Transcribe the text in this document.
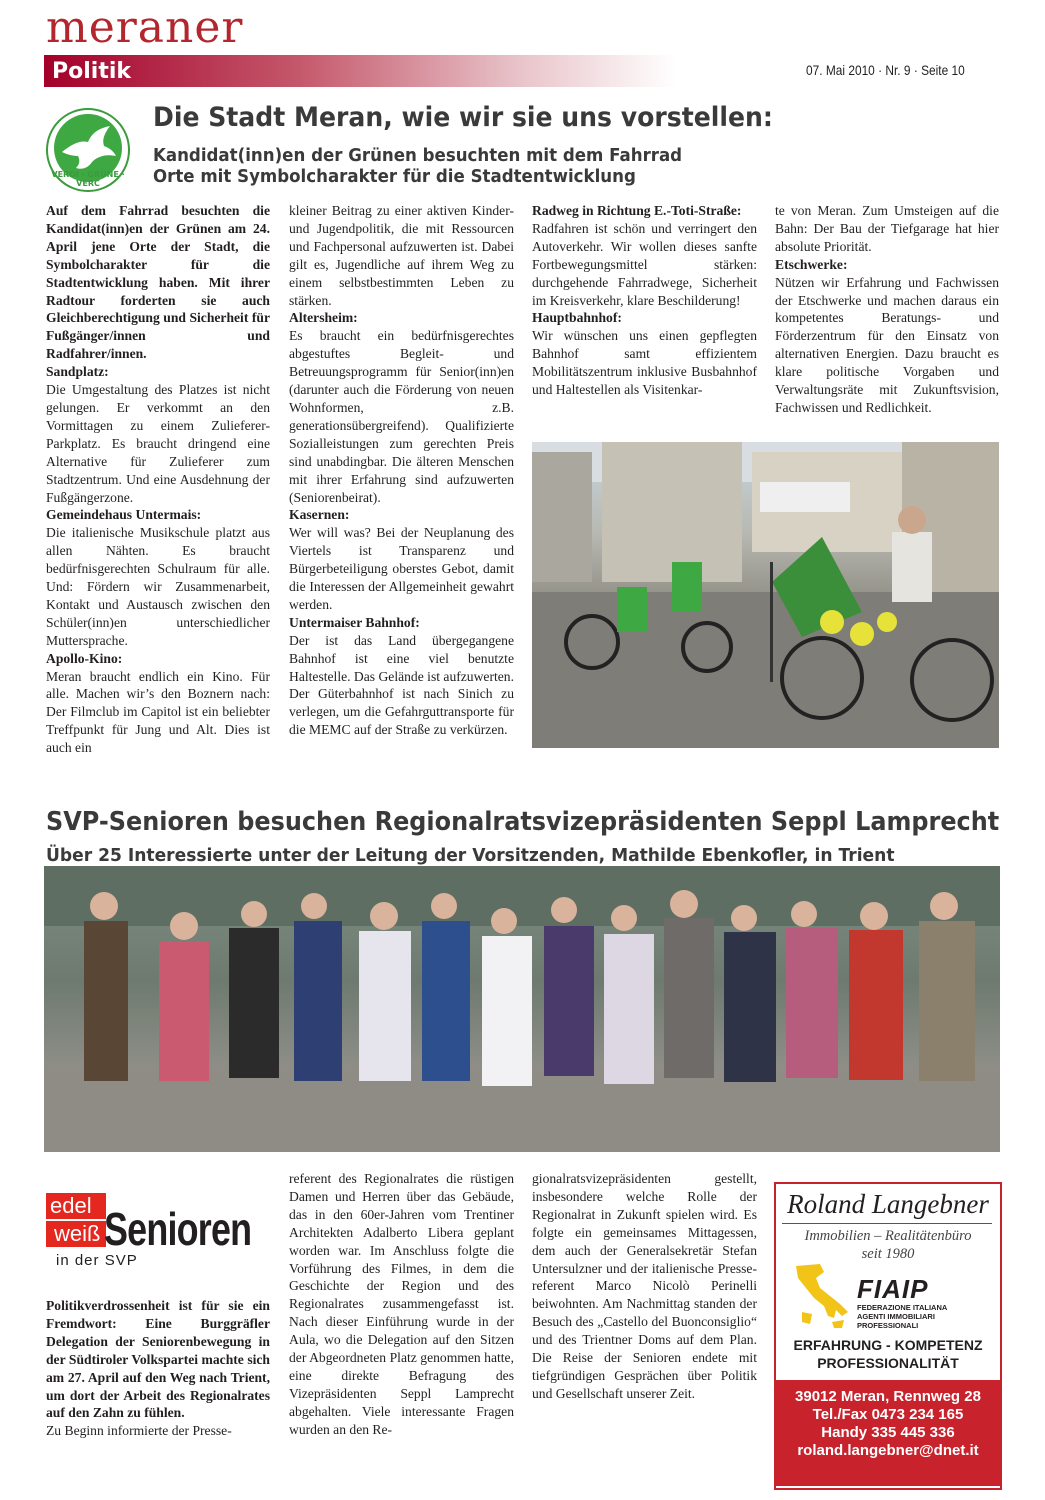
meraner
Politik	07. Mai 2010 · Nr. 9 · Seite 10
VERDI · GRÜNE · VERC
Die Stadt Meran, wie wir sie uns vorstellen:
Kandidat(inn)en der Grünen besuchten mit dem Fahrrad
Orte mit Symbolcharakter für die Stadtentwicklung

Auf dem Fahrrad besuchten die Kandidat(inn)en der Grünen am 24. April jene Orte der Stadt, die Symbolcharakter für die Stadtentwicklung haben. Mit ihrer Radtour forderten sie auch Gleichberechtigung und Sicherheit für Fußgänger/innen und Radfahrer/innen.

Sandplatz:

Die Umgestaltung des Platzes ist nicht gelungen. Er verkommt an den Vormittagen zu einem Zulieferer-Parkplatz. Es braucht dringend eine Alternative für Zulieferer zum Stadtzentrum. Und eine Ausdehnung der Fußgängerzone.

Gemeindehaus Untermais:

Die italienische Musikschule platzt aus allen Nähten. Es braucht bedürfnisgerechten Schulraum für alle. Und: Fördern wir Zusammenarbeit, Kontakt und Austausch zwischen den Schüler(inn)en unterschiedlicher Muttersprache.

Apollo-Kino:

Meran braucht endlich ein Kino. Für alle. Machen wir’s den Boznern nach: Der Filmclub im Capitol ist ein beliebter Treffpunkt für Jung und Alt. Dies ist auch ein

kleiner Beitrag zu einer aktiven Kinder- und Jugendpolitik, die mit Ressourcen und Fachpersonal aufzuwerten ist. Dabei gilt es, Jugendliche auf ihrem Weg zu einem selbstbestimmten Leben zu stärken.

Altersheim:

Es braucht ein bedürfnisgerechtes abgestuftes Begleit- und Betreuungsprogramm für Senior(inn)en (darunter auch die Förderung von neuen Wohnformen, z.B. generationsübergreifend). Qualifizierte Sozialleistungen zum gerechten Preis sind unabdingbar. Die älteren Menschen mit ihrer Erfahrung sind aufzuwerten (Seniorenbeirat).

Kasernen:

Wer will was? Bei der Neuplanung des Viertels ist Transparenz und Bürgerbeteiligung oberstes Gebot, damit die Interessen der Allgemeinheit gewahrt werden.

Untermaiser Bahnhof:

Der ist das Land übergegangene Bahnhof ist eine viel benutzte Haltestelle. Das Gelände ist aufzuwerten. Der Güterbahnhof ist nach Sinich zu verlegen, um die Gefahrguttransporte für die MEMC auf der Straße zu verkürzen.

Radweg in Richtung E.-Toti-Straße:

Radfahren ist schön und verringert den Autoverkehr. Wir wollen dieses sanfte Fortbewegungsmittel stärken: durchgehende Fahrradwege, Sicherheit im Kreisverkehr, klare Beschilderung!

Hauptbahnhof:

Wir wünschen uns einen gepflegten Bahnhof samt effizientem Mobilitätszentrum inklusive Busbahnhof und Haltestellen als Visitenkar-

te von Meran. Zum Umsteigen auf die Bahn: Der Bau der Tiefgarage hat hier absolute Priorität.

Etschwerke:

Nützen wir Erfahrung und Fachwissen der Etschwerke und machen daraus ein kompetentes Beratungs- und Förderzentrum für den Einsatz von alternativen Energien. Dazu braucht es klare politische Vorgaben und Verwaltungsräte mit Zukunftsvision, Fachwissen und Redlichkeit.

SVP-Senioren besuchen Regionalratsvizepräsidenten Seppl Lamprecht
Über 25 Interessierte unter der Leitung der Vorsitzenden, Mathilde Ebenkofler, in Trient
edel
weiß Senioren
in der SVP

Politikverdrossenheit ist für sie ein Fremdwort: Eine Burggräfler Delegation der Seniorenbewegung in der Südtiroler Volkspartei machte sich am 27. April auf den Weg nach Trient, um dort der Arbeit des Regionalrates auf den Zahn zu fühlen.

Zu Beginn informierte der Presse-

referent des Regionalrates die rüstigen Damen und Herren über das Gebäude, das in den 60er-Jahren vom Trentiner Architekten Adalberto Libera geplant worden war. Im Anschluss folgte die Vorführung des Filmes, in dem die Geschichte der Region und des Regionalrates zusammengefasst ist. Nach dieser Einführung wurde in der Aula, wo die Delegation auf den Sitzen der Abgeordneten Platz genommen hatte, eine direkte Befragung des Vizepräsidenten Seppl Lamprecht abgehalten. Viele interessante Fragen wurden an den Re-

gionalratsvizepräsidenten gestellt, insbesondere welche Rolle der Regionalrat in Zukunft spielen wird. Es folgte ein gemeinsames Mittagessen, dem auch der Generalsekretär Stefan Untersulzner und der italienische Pressereferent Marco Nicolò Perinelli beiwohnten. Am Nachmittag standen der Besuch des „Castello del Buonconsiglio“ und des Trientner Doms auf dem Plan. Die Reise der Senioren endete mit tiefgründigen Gesprächen über Politik und Gesellschaft unserer Zeit.

Roland Langebner
Immobilien – Realitätenbüro
seit 1980
FIAIP
FEDERAZIONE ITALIANA AGENTI IMMOBILIARI PROFESSIONALI
ERFAHRUNG - KOMPETENZ
PROFESSIONALITÄT
39012 Meran, Rennweg 28
Tel./Fax 0473 234 165
Handy 335 445 336
roland.langebner@dnet.it
